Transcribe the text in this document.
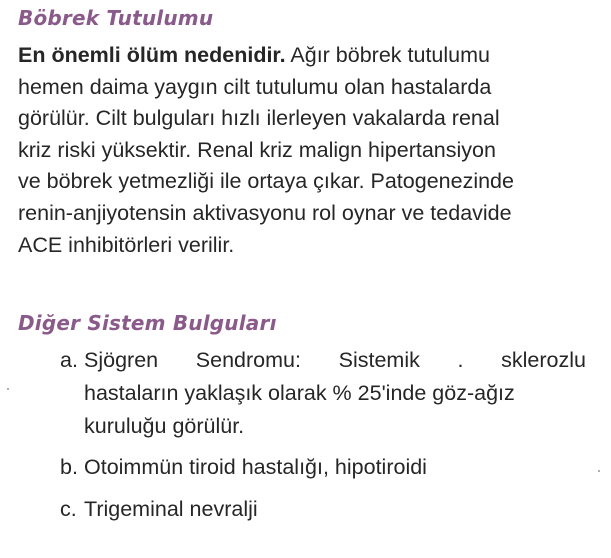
Böbrek Tutulumu
En önemli ölüm nedenidir. Ağır böbrek tutulumu
hemen daima yaygın cilt tutulumu olan hastalarda
görülür. Cilt bulguları hızlı ilerleyen vakalarda renal
kriz riski yüksektir. Renal kriz malign hipertansiyon
ve böbrek yetmezliği ile ortaya çıkar. Patogenezinde
renin-anjiyotensin aktivasyonu rol oynar ve tedavide
ACE inhibitörleri verilir.
Diğer Sistem Bulguları
a. Sjögren Sendromu: Sistemik . sklerozlu
hastaların yaklaşık olarak % 25'inde göz-ağız
kuruluğu görülür.
b. Otoimmün tiroid hastalığı, hipotiroidi
c. Trigeminal nevralji
